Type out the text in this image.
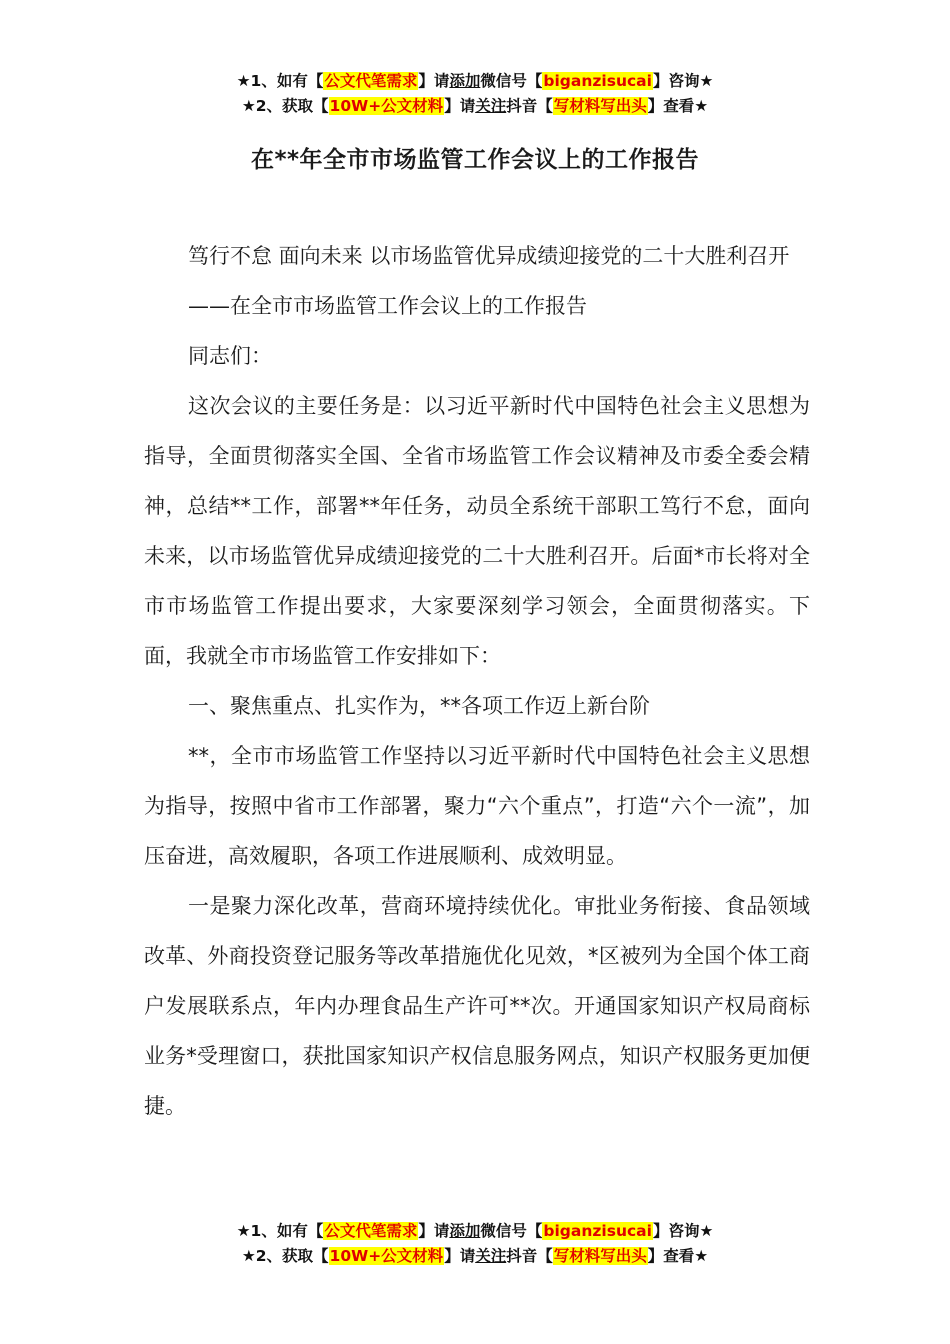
★1、如有【公文代笔需求】请添加微信号【biganzisucai】咨询★
★2、获取【10W+公文材料】请关注抖音【写材料写出头】查看★
在**年全市市场监管工作会议上的工作报告

笃行不怠 面向未来 以市场监管优异成绩迎接党的二十大胜利召开

——在全市市场监管工作会议上的工作报告

同志们：

这次会议的主要任务是：以习近平新时代中国特色社会主义思想为指导，全面贯彻落实全国、全省市场监管工作会议精神及市委全委会精神，总结**工作，部署**年任务，动员全系统干部职工笃行不怠，面向未来，以市场监管优异成绩迎接党的二十大胜利召开。后面*市长将对全市市场监管工作提出要求，大家要深刻学习领会，全面贯彻落实。下面，我就全市市场监管工作安排如下：

一、聚焦重点、扎实作为，**各项工作迈上新台阶

**，全市市场监管工作坚持以习近平新时代中国特色社会主义思想为指导，按照中省市工作部署，聚力“六个重点”，打造“六个一流”，加压奋进，高效履职，各项工作进展顺利、成效明显。

一是聚力深化改革，营商环境持续优化。审批业务衔接、食品领域改革、外商投资登记服务等改革措施优化见效，*区被列为全国个体工商户发展联系点，年内办理食品生产许可**次。开通国家知识产权局商标业务*受理窗口，获批国家知识产权信息服务网点，知识产权服务更加便捷。

★1、如有【公文代笔需求】请添加微信号【biganzisucai】咨询★
★2、获取【10W+公文材料】请关注抖音【写材料写出头】查看★
